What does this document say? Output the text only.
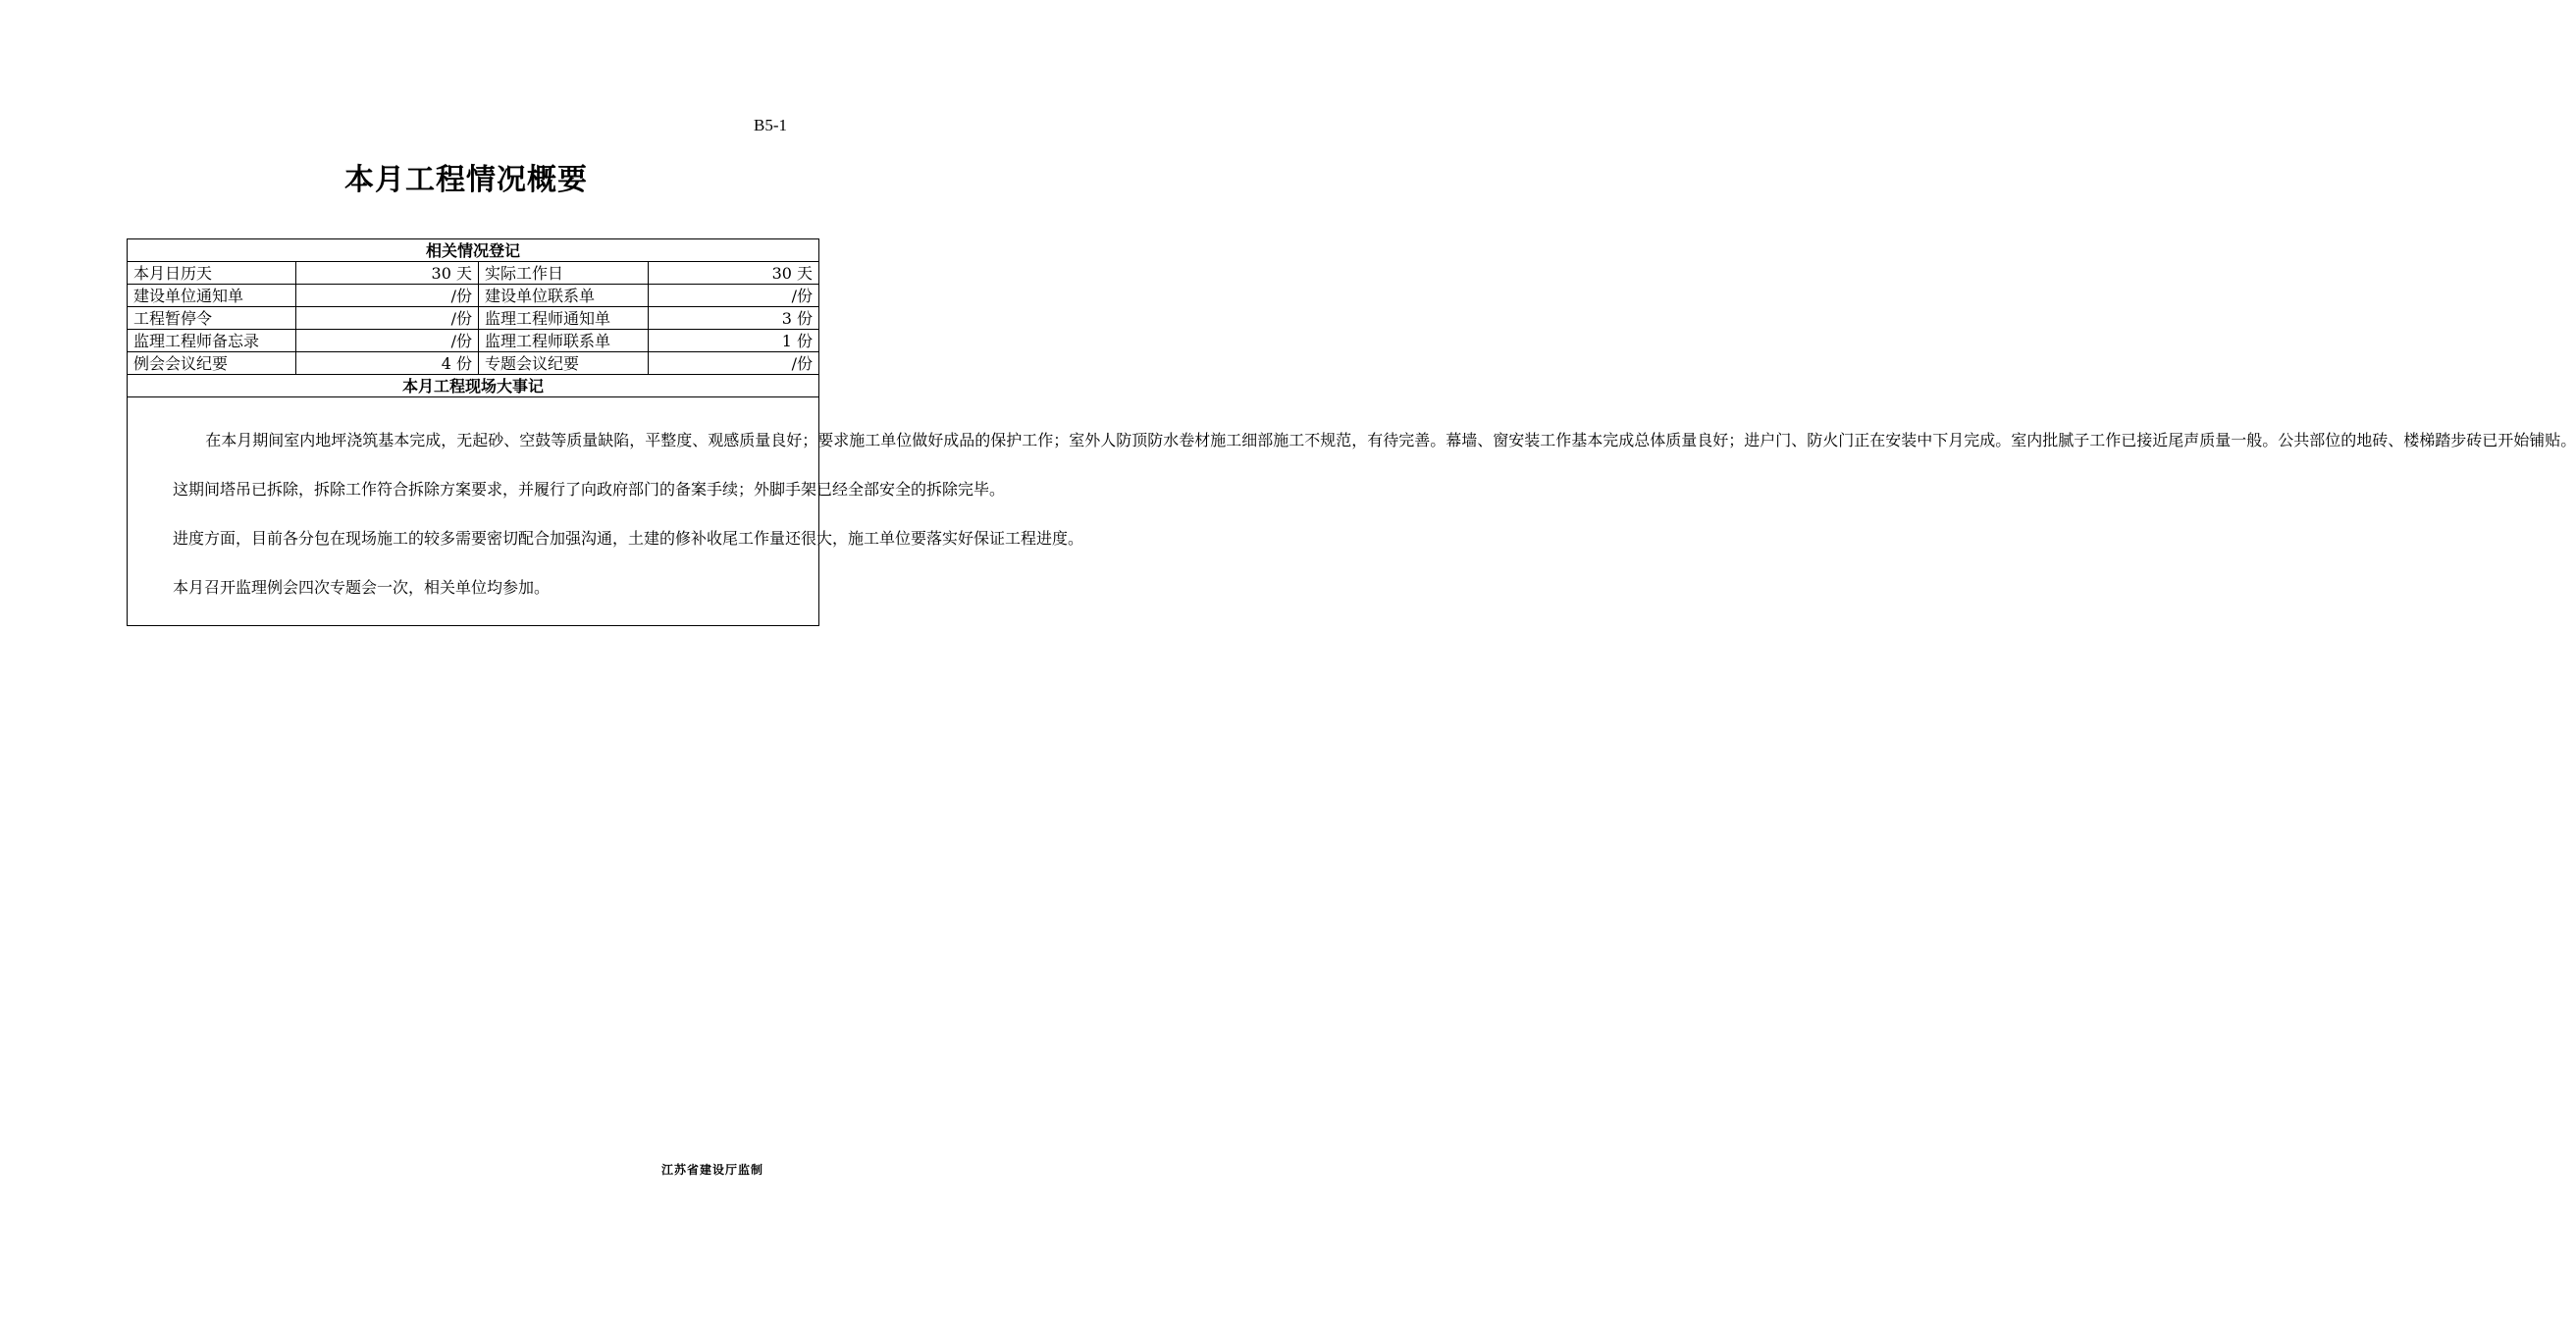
B5-1
本月工程情况概要
相关情况登记			
本月日历天	30 天	实际工作日	30 天
建设单位通知单	/份	建设单位联系单	/份
工程暂停令	/份	监理工程师通知单	3 份
监理工程师备忘录	/份	监理工程师联系单	1 份
例会会议纪要	4 份	专题会议纪要	/份
本月工程现场大事记			

在本月期间室内地坪浇筑基本完成，无起砂、空鼓等质量缺陷，平整度、观感质量良好；要求施工单位做好成品的保护工作；室外人防顶防水卷材施工细部施工不规范，有待完善。幕墙、窗安装工作基本完成总体质量良好；进户门、防火门正在安装中下月完成。室内批腻子工作已接近尾声质量一般。公共部位的地砖、楼梯踏步砖已开始铺贴。

这期间塔吊已拆除，拆除工作符合拆除方案要求，并履行了向政府部门的备案手续；外脚手架已经全部安全的拆除完毕。

进度方面，目前各分包在现场施工的较多需要密切配合加强沟通，土建的修补收尾工作量还很大，施工单位要落实好保证工程进度。

本月召开监理例会四次专题会一次，相关单位均参加。			

江苏省建设厅监制
